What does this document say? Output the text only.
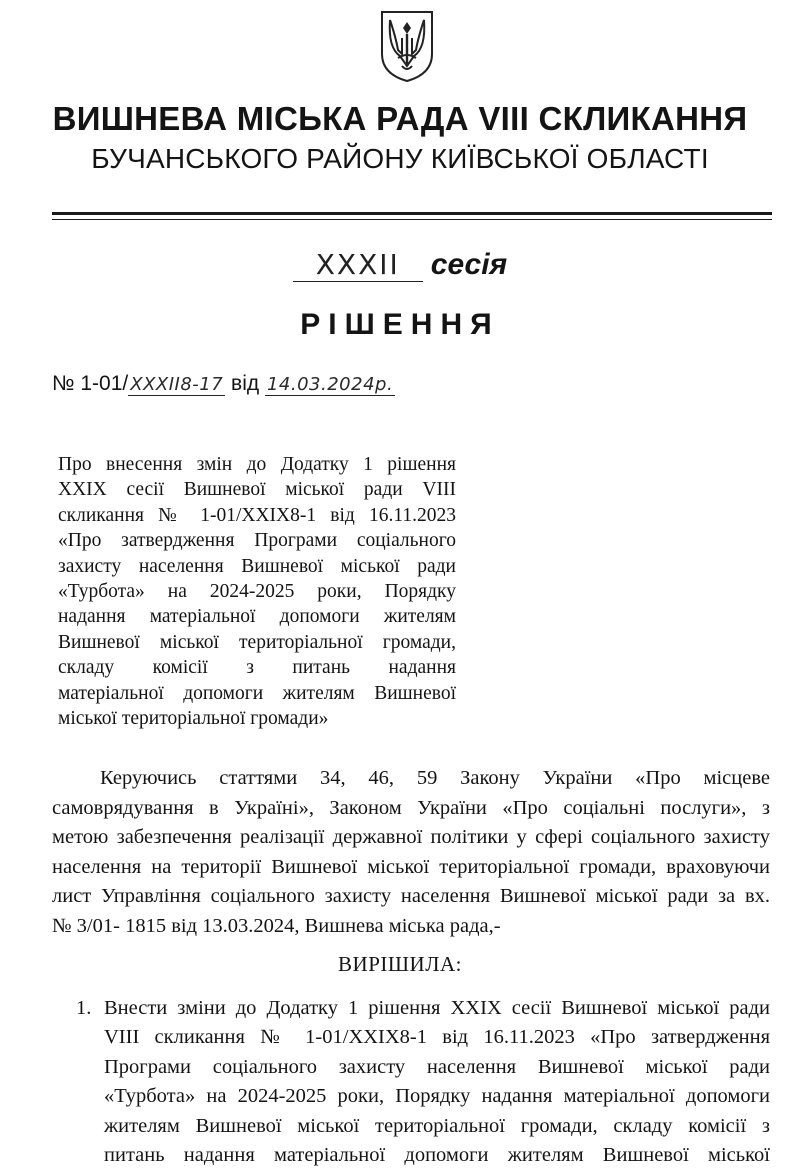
ВИШНЕВА МІСЬКА РАДА VIII СКЛИКАННЯ
БУЧАНСЬКОГО РАЙОНУ КИЇВСЬКОЇ ОБЛАСТІ
XXXII сесія
РІШЕННЯ
№ 1-01/ XXXII8-17 від 14.03.2024р.
Про внесення змін до Додатку 1 рішення
XXIX сесії Вишневої міської ради VIII
скликання № 1-01/XXIX8-1 від 16.11.2023
«Про затвердження Програми соціального
захисту населення Вишневої міської ради
«Турбота» на 2024-2025 роки, Порядку
надання матеріальної допомоги жителям
Вишневої міської територіальної громади,
складу комісії з питань надання
матеріальної допомоги жителям Вишневої
міської територіальної громади»
Керуючись статтями 34, 46, 59 Закону України «Про місцеве
самоврядування в Україні», Законом України «Про соціальні послуги», з
метою забезпечення реалізації державної політики у сфері соціального захисту
населення на території Вишневої міської територіальної громади, враховуючи
лист Управління соціального захисту населення Вишневої міської ради за вх.
№ 3/01- 1815 від 13.03.2024, Вишнева міська рада,-
ВИРІШИЛА:
1. Внести зміни до Додатку 1 рішення XXIX сесії Вишневої міської ради
VIII скликання № 1-01/XXIX8-1 від 16.11.2023 «Про затвердження
Програми соціального захисту населення Вишневої міської ради
«Турбота» на 2024-2025 роки, Порядку надання матеріальної допомоги
жителям Вишневої міської територіальної громади, складу комісії з
питань надання матеріальної допомоги жителям Вишневої міської
